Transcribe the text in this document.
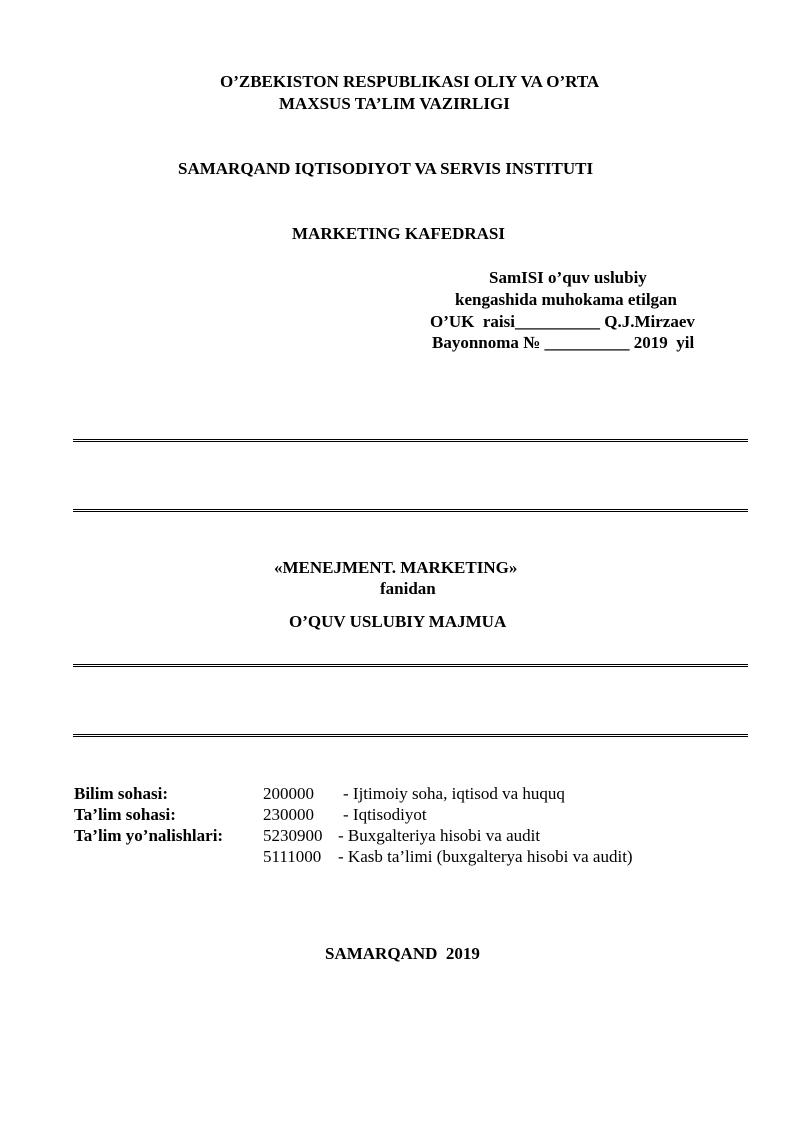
O’ZBEKISTON RESPUBLIKASI OLIY VA O’RTA
MAXSUS TA’LIM VAZIRLIGI
SAMARQAND IQTISODIYOT VA SERVIS INSTITUTI
MARKETING KAFEDRASI
SamISI o’quv uslubiy
kengashida muhokama etilgan
O’UK  raisi__________ Q.J.Mirzaev
Bayonnoma № __________ 2019  yil
«MENEJMENT. MARKETING»
fanidan
O’QUV USLUBIY MAJMUA
Bilim sohasi:	200000 - Ijtimoiy soha, iqtisod va huquq
Ta’lim sohasi:	230000 - Iqtisodiyot
Ta’lim yo’nalishlari: 5230900 - Buxgalteriya hisobi va audit
5111000 - Kasb ta’limi (buxgalterya hisobi va audit)
SAMARQAND  2019
